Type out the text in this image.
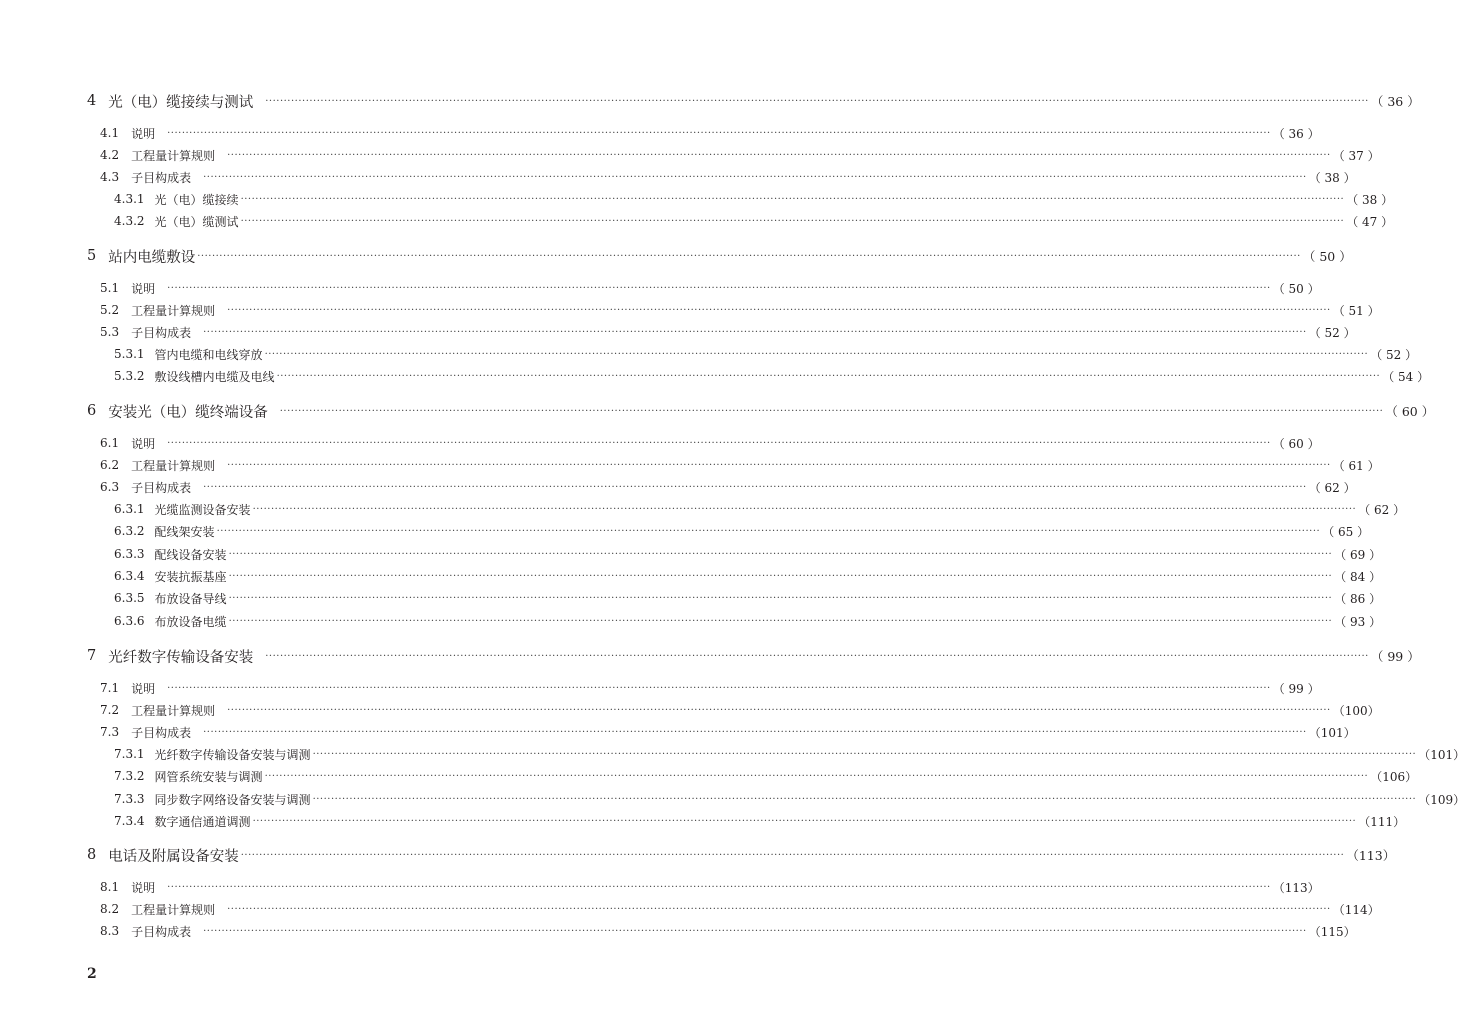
4 光（电）缆接续与测试 ············································································································································································································································································································ （ 36 ）
4.1 说明 ············································································································································································································································································································ （ 36 ）
4.2 工程量计算规则 ············································································································································································································································································································ （ 37 ）
4.3 子目构成表 ············································································································································································································································································································ （ 38 ）
4.3.1 光（电）缆接续 ············································································································································································································································································································ （ 38 ）
4.3.2 光（电）缆测试 ············································································································································································································································································································ （ 47 ）
5 站内电缆敷设 ············································································································································································································································································································ （ 50 ）
5.1 说明 ············································································································································································································································································································ （ 50 ）
5.2 工程量计算规则 ············································································································································································································································································································ （ 51 ）
5.3 子目构成表 ············································································································································································································································································································ （ 52 ）
5.3.1 管内电缆和电线穿放 ············································································································································································································································································································ （ 52 ）
5.3.2 敷设线槽内电缆及电线 ············································································································································································································································································································ （ 54 ）
6 安装光（电）缆终端设备 ············································································································································································································································································································ （ 60 ）
6.1 说明 ············································································································································································································································································································ （ 60 ）
6.2 工程量计算规则 ············································································································································································································································································································ （ 61 ）
6.3 子目构成表 ············································································································································································································································································································ （ 62 ）
6.3.1 光缆监测设备安装 ············································································································································································································································································································ （ 62 ）
6.3.2 配线架安装 ············································································································································································································································································································ （ 65 ）
6.3.3 配线设备安装 ············································································································································································································································································································ （ 69 ）
6.3.4 安装抗振基座 ············································································································································································································································································································ （ 84 ）
6.3.5 布放设备导线 ············································································································································································································································································································ （ 86 ）
6.3.6 布放设备电缆 ············································································································································································································································································································ （ 93 ）
7 光纤数字传输设备安装 ············································································································································································································································································································ （ 99 ）
7.1 说明 ············································································································································································································································································································ （ 99 ）
7.2 工程量计算规则 ············································································································································································································································································································ （100）
7.3 子目构成表 ············································································································································································································································································································ （101）
7.3.1 光纤数字传输设备安装与调测 ············································································································································································································································································································ （101）
7.3.2 网管系统安装与调测 ············································································································································································································································································································ （106）
7.3.3 同步数字网络设备安装与调测 ············································································································································································································································································································ （109）
7.3.4 数字通信通道调测 ············································································································································································································································································································ （111）
8 电话及附属设备安装 ············································································································································································································································································································ （113）
8.1 说明 ············································································································································································································································································································ （113）
8.2 工程量计算规则 ············································································································································································································································································································ （114）
8.3 子目构成表 ············································································································································································································································································································ （115）
2
